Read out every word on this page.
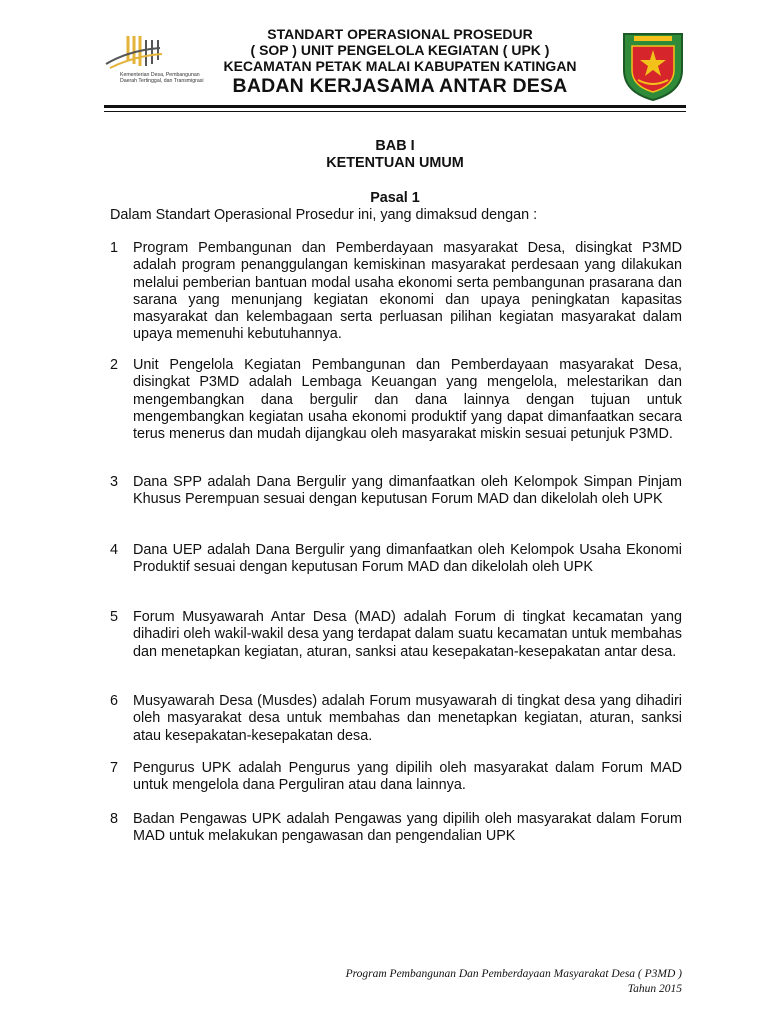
Kementerian Desa, Pembangunan Daerah Tertinggal, dan Transmigrasi
STANDART OPERASIONAL PROSEDUR
( SOP ) UNIT PENGELOLA KEGIATAN ( UPK )
KECAMATAN PETAK MALAI KABUPATEN KATINGAN
BADAN KERJASAMA ANTAR DESA
BAB I
KETENTUAN UMUM
Pasal 1
Dalam Standart Operasional Prosedur ini, yang dimaksud dengan :
1 Program Pembangunan dan Pemberdayaan masyarakat Desa, disingkat P3MD adalah program penanggulangan kemiskinan masyarakat perdesaan yang dilakukan melalui pemberian bantuan modal usaha ekonomi serta pembangunan prasarana dan sarana yang menunjang kegiatan ekonomi dan upaya peningkatan kapasitas masyarakat dan kelembagaan serta perluasan pilihan kegiatan masyarakat dalam upaya memenuhi kebutuhannya.
2 Unit Pengelola Kegiatan Pembangunan dan Pemberdayaan masyarakat Desa, disingkat P3MD adalah Lembaga Keuangan yang mengelola, melestarikan dan mengembangkan dana bergulir dan dana lainnya dengan tujuan untuk mengembangkan kegiatan usaha ekonomi produktif yang dapat dimanfaatkan secara terus menerus dan mudah dijangkau oleh masyarakat miskin sesuai petunjuk P3MD.
3 Dana SPP adalah Dana Bergulir yang dimanfaatkan oleh Kelompok Simpan Pinjam Khusus Perempuan sesuai dengan keputusan Forum MAD dan dikelolah oleh UPK
4 Dana UEP adalah Dana Bergulir yang dimanfaatkan oleh Kelompok Usaha Ekonomi Produktif sesuai dengan keputusan Forum MAD dan dikelolah oleh UPK
5 Forum Musyawarah Antar Desa (MAD) adalah Forum di tingkat kecamatan yang dihadiri oleh wakil-wakil desa yang terdapat dalam suatu kecamatan untuk membahas dan menetapkan kegiatan, aturan, sanksi atau kesepakatan-kesepakatan antar desa.
6 Musyawarah Desa (Musdes) adalah Forum musyawarah di tingkat desa yang dihadiri oleh masyarakat desa untuk membahas dan menetapkan kegiatan, aturan, sanksi atau kesepakatan-kesepakatan desa.
7 Pengurus UPK adalah Pengurus yang dipilih oleh masyarakat dalam Forum MAD untuk mengelola dana Perguliran atau dana lainnya.
8 Badan Pengawas UPK adalah Pengawas yang dipilih oleh masyarakat dalam Forum MAD untuk melakukan pengawasan dan pengendalian UPK
Program Pembangunan Dan Pemberdayaan Masyarakat Desa ( P3MD )
Tahun 2015
